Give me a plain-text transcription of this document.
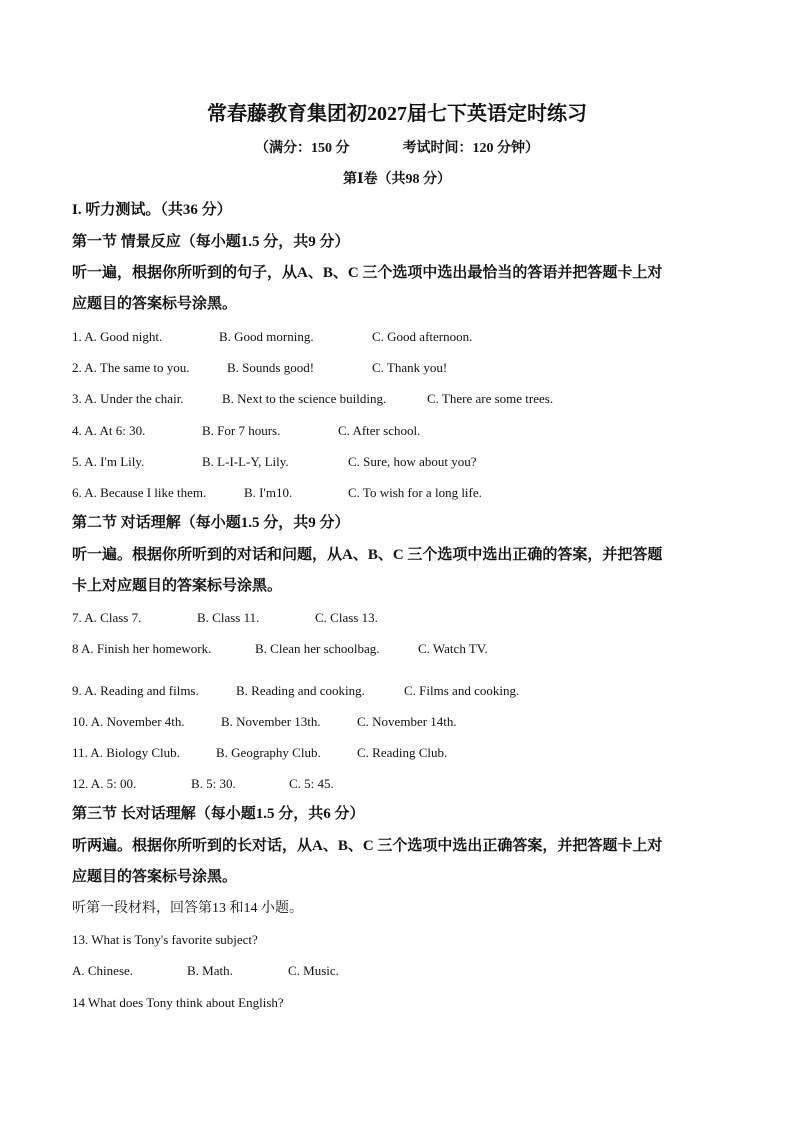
常春藤教育集团初2027届七下英语定时练习
（满分：150 分	考试时间：120 分钟）
第Ⅰ卷（共98 分）
I. 听力测试。（共36 分）
第一节 情景反应（每小题1.5 分，共9 分）
听一遍，根据你所听到的句子，从A、B、C 三个选项中选出最恰当的答语并把答题卡上对
应题目的答案标号涂黑。
1. A. Good night.	B. Good morning.	C. Good afternoon.
2. A. The same to you.	B. Sounds good!	C. Thank you!
3. A. Under the chair.	B. Next to the science building.	C. There are some trees.
4. A. At 6: 30.	B. For 7 hours.	C. After school.
5. A. I'm Lily.	B. L-I-L-Y, Lily.	C. Sure, how about you?
6. A. Because I like them.	B. I'm10.	C. To wish for a long life.
第二节 对话理解（每小题1.5 分，共9 分）
听一遍。根据你所听到的对话和问题，从A、B、C 三个选项中选出正确的答案，并把答题
卡上对应题目的答案标号涂黑。
7. A. Class 7.	B. Class 11.	C. Class 13.
8 A. Finish her homework.	B. Clean her schoolbag.	C. Watch TV.
9. A. Reading and films.	B. Reading and cooking.	C. Films and cooking.
10. A. November 4th.	B. November 13th.	C. November 14th.
11. A. Biology Club.	B. Geography Club.	C. Reading Club.
12. A. 5: 00.	B. 5: 30.	C. 5: 45.
第三节 长对话理解（每小题1.5 分，共6 分）
听两遍。根据你所听到的长对话，从A、B、C 三个选项中选出正确答案，并把答题卡上对
应题目的答案标号涂黑。
听第一段材料，回答第13 和14 小题。
13. What is Tony's favorite subject?
A. Chinese.	B. Math.	C. Music.
14 What does Tony think about English?
